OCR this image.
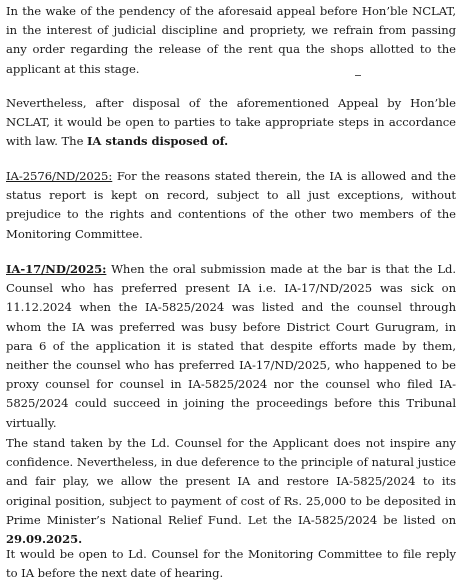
In the wake of the pendency of the aforesaid appeal before Hon’ble NCLAT, in the interest of judicial discipline and propriety, we refrain from passing any order regarding the release of the rent qua the shops allotted to the applicant at this stage.

Nevertheless, after disposal of the aforementioned Appeal by Hon’ble NCLAT, it would be open to parties to take appropriate steps in accordance with law. The IA stands disposed of.

IA-2576/ND/2025: For the reasons stated therein, the IA is allowed and the status report is kept on record, subject to all just exceptions, without prejudice to the rights and contentions of the other two members of the Monitoring Committee.

IA-17/ND/2025: When the oral submission made at the bar is that the Ld. Counsel who has preferred present IA i.e. IA-17/ND/2025 was sick on 11.12.2024 when the IA-5825/2024 was listed and the counsel through whom the IA was preferred was busy before District Court Gurugram, in para 6 of the application it is stated that despite efforts made by them, neither the counsel who has preferred IA-17/ND/2025, who happened to be proxy counsel for counsel in IA-5825/2024 nor the counsel who filed IA-5825/2024 could succeed in joining the proceedings before this Tribunal virtually.

The stand taken by the Ld. Counsel for the Applicant does not inspire any confidence. Nevertheless, in due deference to the principle of natural justice and fair play, we allow the present IA and restore IA-5825/2024 to its original position, subject to payment of cost of Rs. 25,000 to be deposited in Prime Minister’s National Relief Fund. Let the IA-5825/2024 be listed on 29.09.2025.

It would be open to Ld. Counsel for the Monitoring Committee to file reply to IA before the next date of hearing.
